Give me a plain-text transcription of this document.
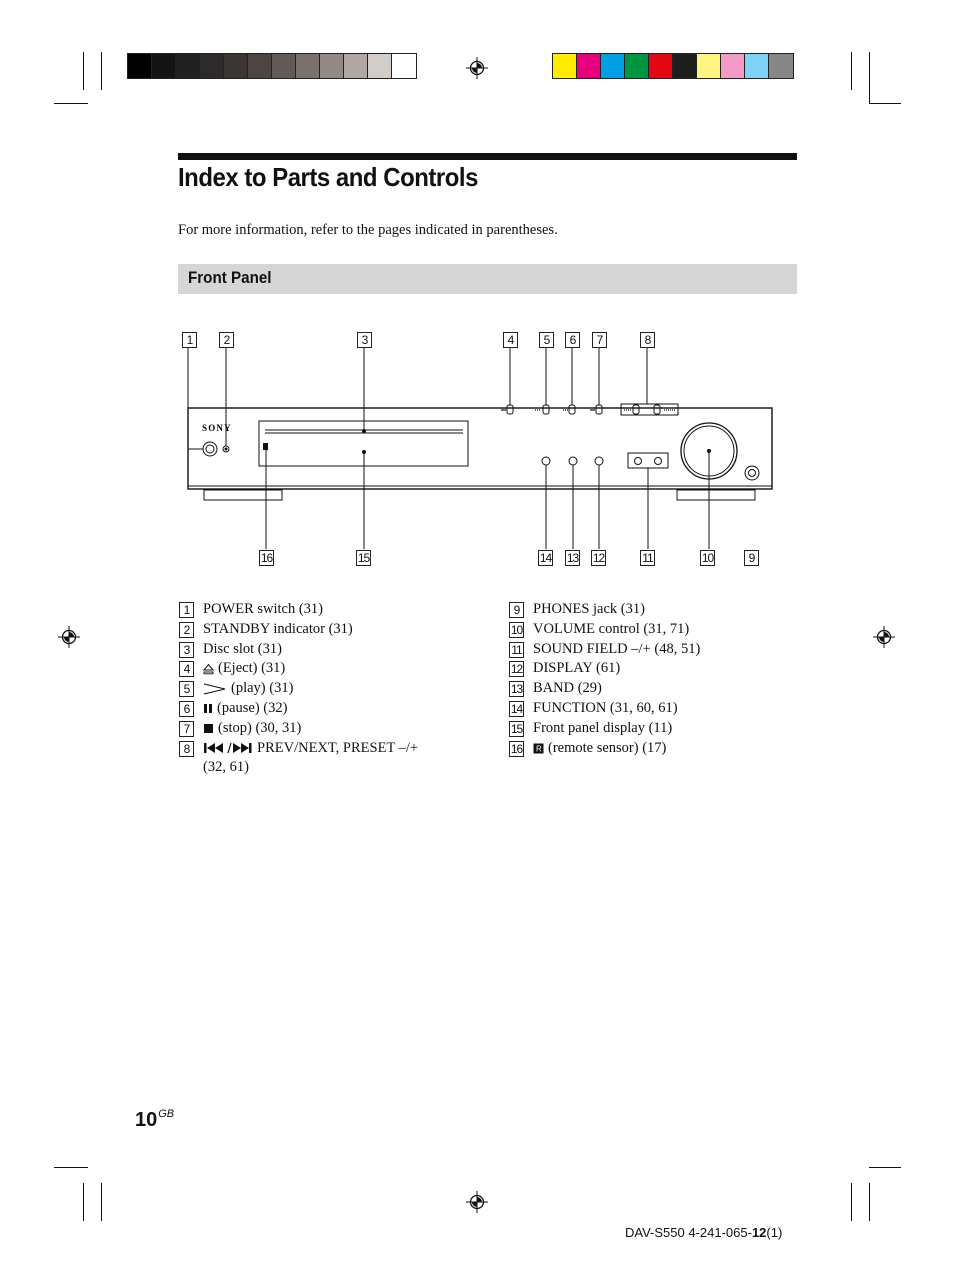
Index to Parts and Controls
For more information, refer to the pages indicated in parentheses.
Front Panel
SONY
1	2	3	4	5	6	7	8
9
10
11
12
13
14
15
16
1 POWER switch (31)
2 STANDBY indicator (31)
3 Disc slot (31)
4	(Eject) (31)
5	(play) (31)
6	(pause) (32)
7	(stop) (30, 31)
8	PREV/NEXT, PRESET –/+
(32, 61)
9 PHONES jack (31)
10 VOLUME control (31, 71)
11 SOUND FIELD –/+ (48, 51)
12 DISPLAY (61)
13 BAND (29)
14 FUNCTION (31, 60, 61)
15 Front panel display (11)
16 R (remote sensor) (17)
$10^{GB}$
DAV-S550 4-241-065-12(1)
